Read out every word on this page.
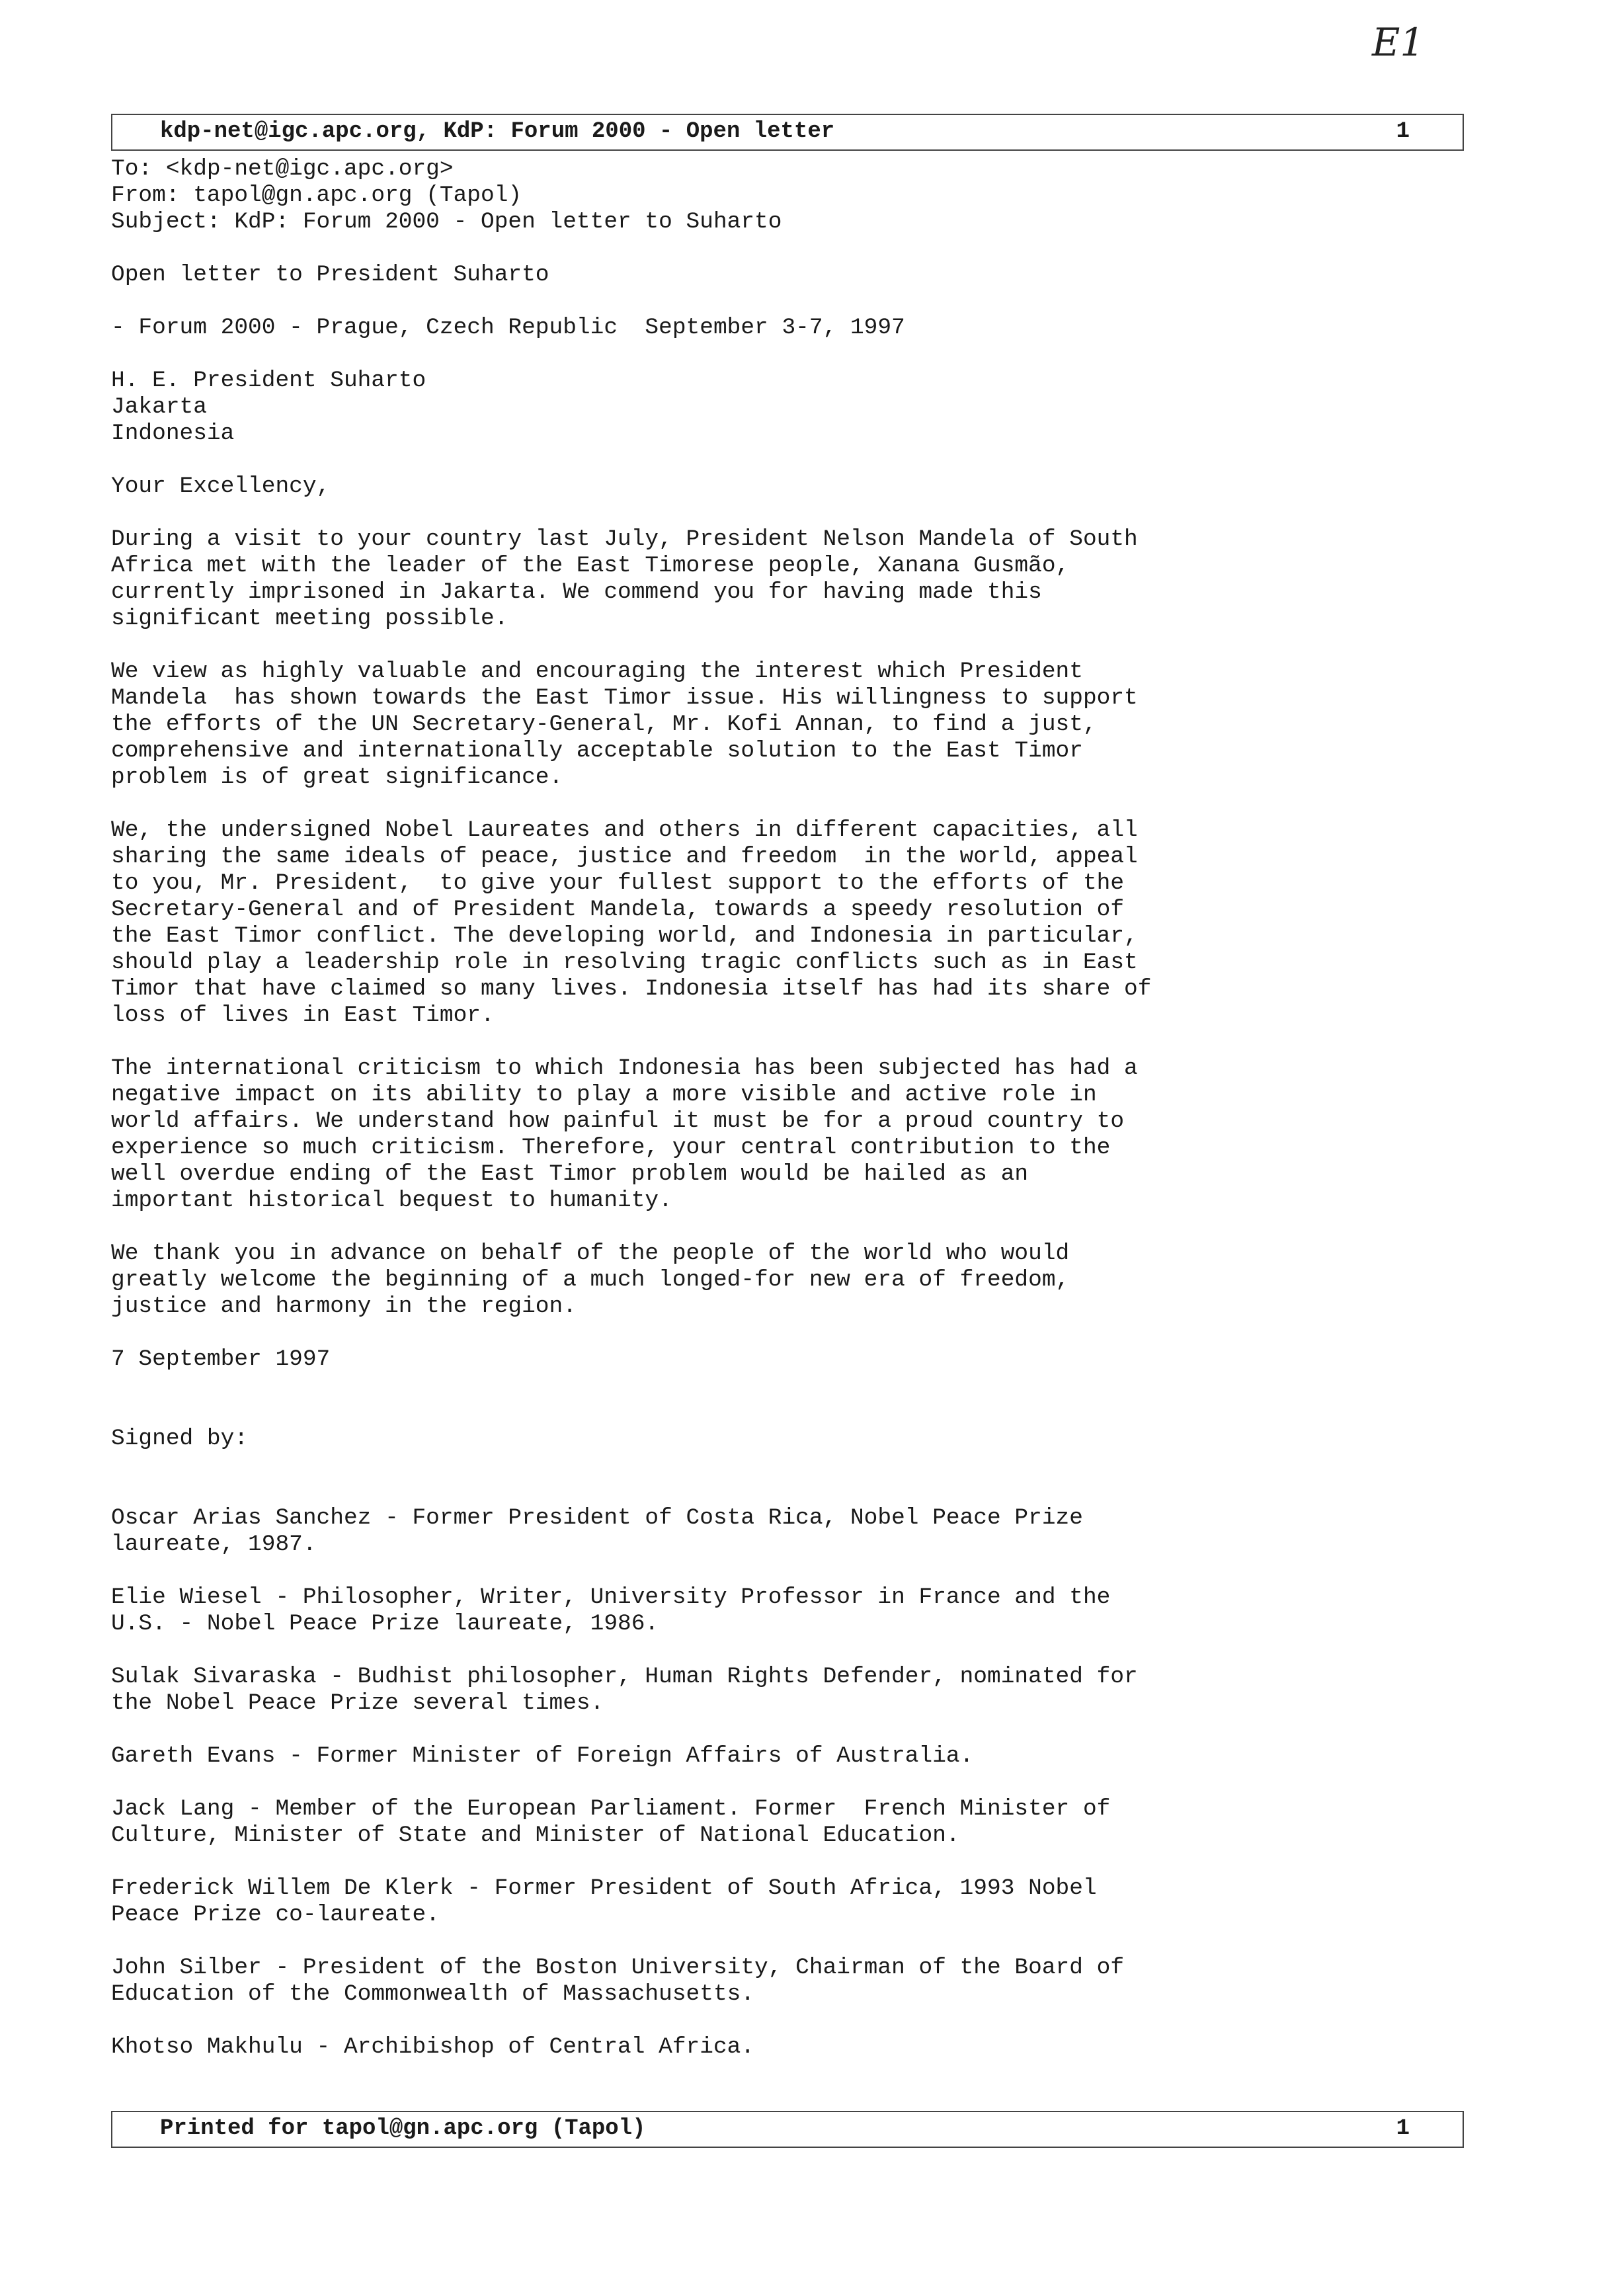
E1
kdp-net@igc.apc.org, KdP: Forum 2000 - Open letter	1
To: <kdp-net@igc.apc.org>
From: tapol@gn.apc.org (Tapol)
Subject: KdP: Forum 2000 - Open letter to Suharto
Open letter to President Suharto
- Forum 2000 - Prague, Czech Republic  September 3-7, 1997
H. E. President Suharto
Jakarta
Indonesia
Your Excellency,
During a visit to your country last July, President Nelson Mandela of South
Africa met with the leader of the East Timorese people, Xanana Gusmão,
currently imprisoned in Jakarta. We commend you for having made this
significant meeting possible.
We view as highly valuable and encouraging the interest which President
Mandela  has shown towards the East Timor issue. His willingness to support
the efforts of the UN Secretary-General, Mr. Kofi Annan, to find a just,
comprehensive and internationally acceptable solution to the East Timor
problem is of great significance.
We, the undersigned Nobel Laureates and others in different capacities, all
sharing the same ideals of peace, justice and freedom  in the world, appeal
to you, Mr. President,  to give your fullest support to the efforts of the
Secretary-General and of President Mandela, towards a speedy resolution of
the East Timor conflict. The developing world, and Indonesia in particular,
should play a leadership role in resolving tragic conflicts such as in East
Timor that have claimed so many lives. Indonesia itself has had its share of
loss of lives in East Timor.
The international criticism to which Indonesia has been subjected has had a
negative impact on its ability to play a more visible and active role in
world affairs. We understand how painful it must be for a proud country to
experience so much criticism. Therefore, your central contribution to the
well overdue ending of the East Timor problem would be hailed as an
important historical bequest to humanity.
We thank you in advance on behalf of the people of the world who would
greatly welcome the beginning of a much longed-for new era of freedom,
justice and harmony in the region.
7 September 1997
Signed by:
Oscar Arias Sanchez - Former President of Costa Rica, Nobel Peace Prize
laureate, 1987.
Elie Wiesel - Philosopher, Writer, University Professor in France and the
U.S. - Nobel Peace Prize laureate, 1986.
Sulak Sivaraska - Budhist philosopher, Human Rights Defender, nominated for
the Nobel Peace Prize several times.
Gareth Evans - Former Minister of Foreign Affairs of Australia.
Jack Lang - Member of the European Parliament. Former  French Minister of
Culture, Minister of State and Minister of National Education.
Frederick Willem De Klerk - Former President of South Africa, 1993 Nobel
Peace Prize co-laureate.
John Silber - President of the Boston University, Chairman of the Board of
Education of the Commonwealth of Massachusetts.
Khotso Makhulu - Archibishop of Central Africa.
Printed for tapol@gn.apc.org (Tapol)	1
